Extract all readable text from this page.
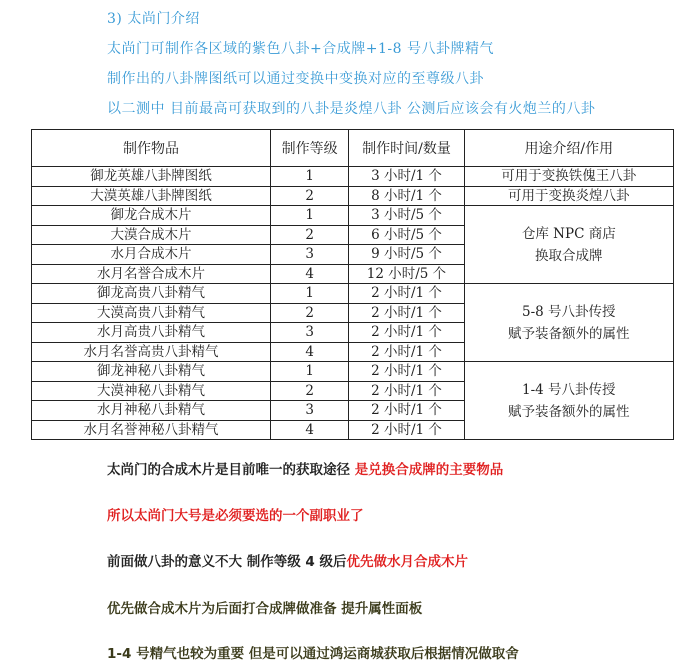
3) 太尚门介绍
太尚门可制作各区域的紫色八卦+合成牌+1-8 号八卦牌精气
制作出的八卦牌图纸可以通过变换中变换对应的至尊级八卦
以二测中 目前最高可获取到的八卦是炎煌八卦 公测后应该会有火炮兰的八卦
制作物品	制作等级	制作时间/数量	用途介绍/作用
御龙英雄八卦牌图纸	1	3 小时/1 个	可用于变换铁傀王八卦
大漠英雄八卦牌图纸	2	8 小时/1 个	可用于变换炎煌八卦
御龙合成木片	1	3 小时/5 个	仓库 NPC 商店
换取合成牌

大漠合成木片	2	6 小时/5 个	
水月合成木片	3	9 小时/5 个	
水月名誉合成木片	4	12 小时/5 个	
御龙高贵八卦精气	1	2 小时/1 个	5-8 号八卦传授
赋予装备额外的属性

大漠高贵八卦精气	2	2 小时/1 个	
水月高贵八卦精气	3	2 小时/1 个	
水月名誉高贵八卦精气	4	2 小时/1 个	
御龙神秘八卦精气	1	2 小时/1 个	1-4 号八卦传授
赋予装备额外的属性

大漠神秘八卦精气	2	2 小时/1 个	
水月神秘八卦精气	3	2 小时/1 个	
水月名誉神秘八卦精气	4	2 小时/1 个	
太尚门的合成木片是目前唯一的获取途径 是兑换合成牌的主要物品
所以太尚门大号是必须要选的一个副职业了
前面做八卦的意义不大 制作等级 4 级后优先做水月合成木片
优先做合成木片为后面打合成牌做准备 提升属性面板
1-4 号精气也较为重要 但是可以通过鸿运商城获取后根据情况做取舍
